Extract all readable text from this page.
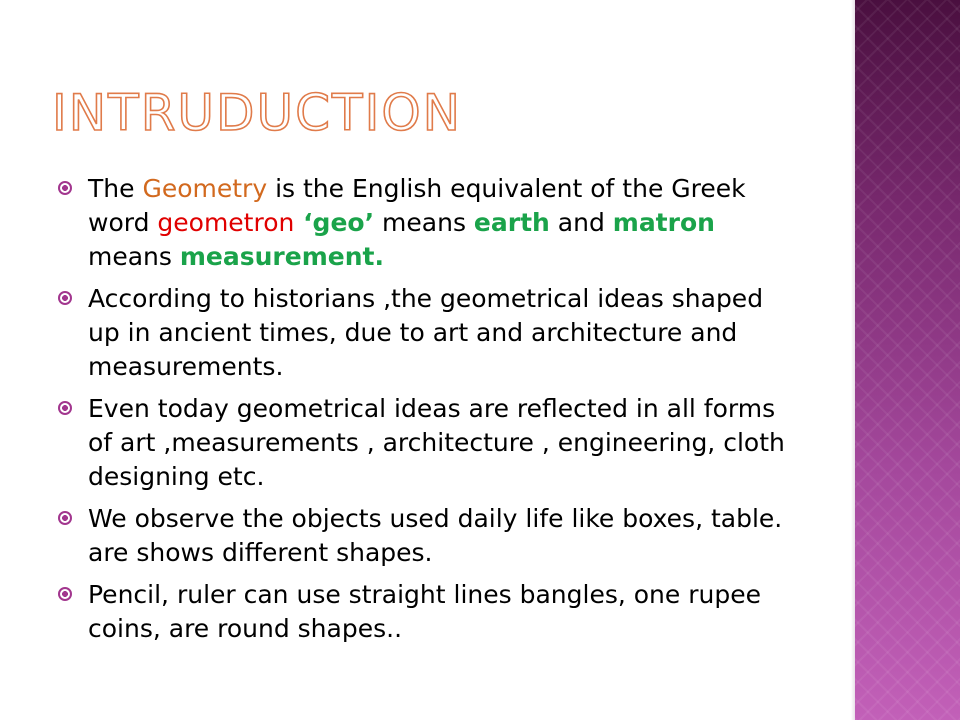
INTRUDUCTION
The Geometry is the English equivalent of the Greek word geometron ‘geo’ means earth and matron means measurement.
According to historians ,the geometrical ideas shaped up in ancient times, due to art and architecture and measurements.
Even today geometrical ideas are reflected in all forms of art ,measurements , architecture , engineering, cloth designing etc.
We observe the objects used daily life like boxes, table. are shows different shapes.
Pencil, ruler can use straight lines bangles, one rupee coins, are round shapes..
